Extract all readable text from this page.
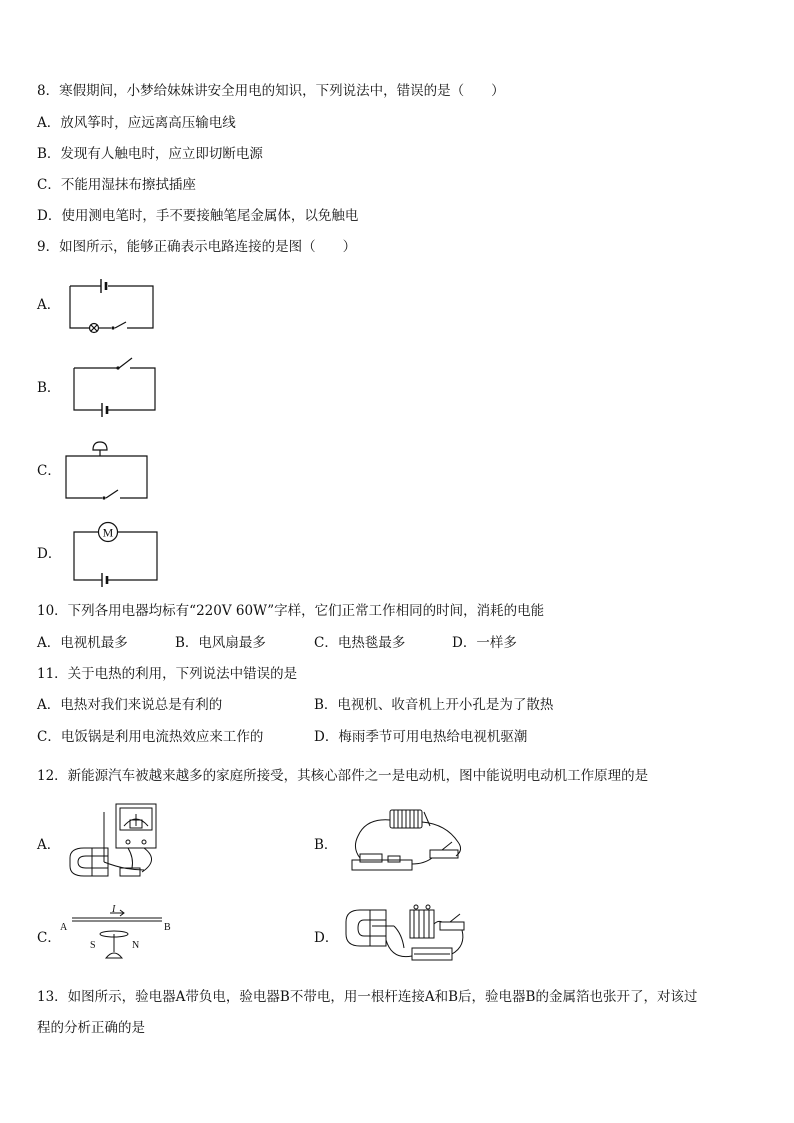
8．寒假期间，小梦给妹妹讲安全用电的知识，下列说法中，错误的是（　　）
A．放风筝时，应远离高压输电线
B．发现有人触电时，应立即切断电源
C．不能用湿抹布擦拭插座
D．使用测电笔时，手不要接触笔尾金属体，以免触电
9．如图所示，能够正确表示电路连接的是图（　　）
A．
B．
C．
D．
M
10．下列各用电器均标有“220V 60W”字样，它们正常工作相同的时间，消耗的电能
A．电视机最多	B．电风扇最多	C．电热毯最多	D．一样多
11．关于电热的利用，下列说法中错误的是
A．电热对我们来说总是有利的	B．电视机、收音机上开小孔是为了散热
C．电饭锅是利用电流热效应来工作的	D．梅雨季节可用电热给电视机驱潮
12．新能源汽车被越来越多的家庭所接受，其核心部件之一是电动机，图中能说明电动机工作原理的是
A．	B．
C．
A	B
I
S	N	D．
13．如图所示，验电器A带负电，验电器B不带电，用一根杆连接A和B后，验电器B的金属箔也张开了，对该过
程的分析正确的是
